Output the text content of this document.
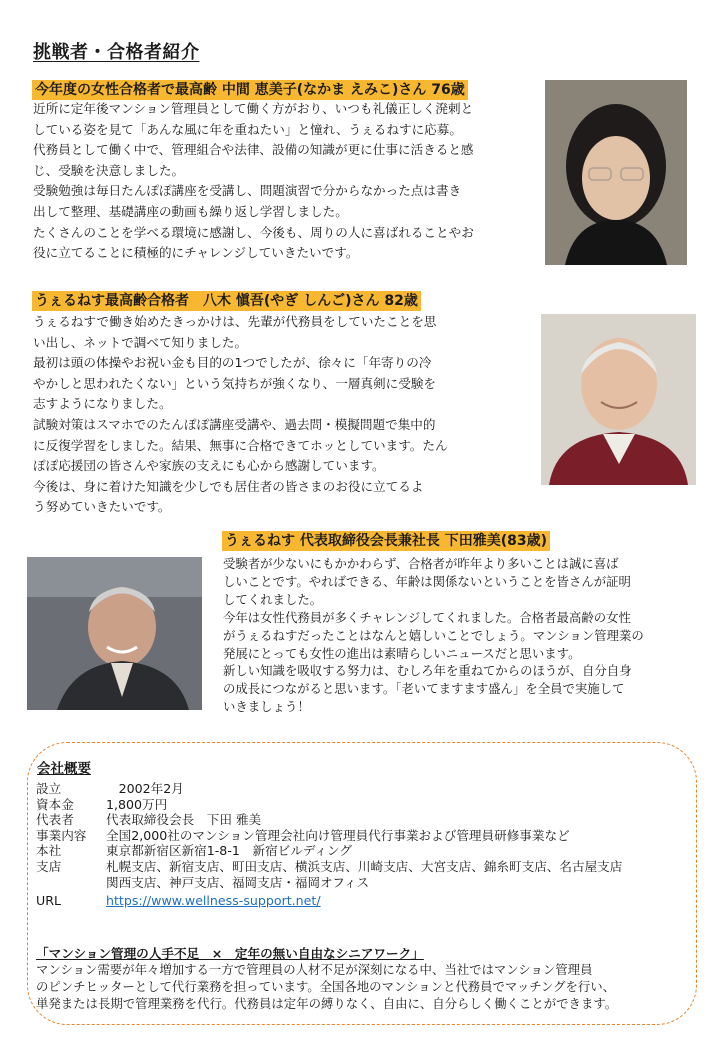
挑戦者・合格者紹介
今年度の女性合格者で最高齢 中間 恵美子(なかま えみこ)さん 76歳

近所に定年後マンション管理員として働く方がおり、いつも礼儀正しく溌剌と

している姿を見て「あんな風に年を重ねたい」と憧れ、うぇるねすに応募。

代務員として働く中で、管理組合や法律、設備の知識が更に仕事に活きると感

じ、受験を決意しました。

受験勉強は毎日たんぽぽ講座を受講し、問題演習で分からなかった点は書き

出して整理、基礎講座の動画も繰り返し学習しました。

たくさんのことを学べる環境に感謝し、今後も、周りの人に喜ばれることやお

役に立てることに積極的にチャレンジしていきたいです。

うぇるねす最高齢合格者　八木 愼吾(やぎ しんご)さん 82歳

うぇるねすで働き始めたきっかけは、先輩が代務員をしていたことを思

い出し、ネットで調べて知りました。

最初は頭の体操やお祝い金も目的の1つでしたが、徐々に「年寄りの冷

やかしと思われたくない」という気持ちが強くなり、一層真剣に受験を

志すようになりました。

試験対策はスマホでのたんぽぽ講座受講や、過去問・模擬問題で集中的

に反復学習をしました。結果、無事に合格できてホッとしています。たん

ぽぽ応援団の皆さんや家族の支えにも心から感謝しています。

今後は、身に着けた知識を少しでも居住者の皆さまのお役に立てるよ

う努めていきたいです。

うぇるねす 代表取締役会長兼社長 下田雅美(83歳)

受験者が少ないにもかかわらず、合格者が昨年より多いことは誠に喜ば

しいことです。やればできる、年齢は関係ないということを皆さんが証明

してくれました。

今年は女性代務員が多くチャレンジしてくれました。合格者最高齢の女性

がうぇるねすだったことはなんと嬉しいことでしょう。マンション管理業の

発展にとっても女性の進出は素晴らしいニュースだと思います。

新しい知識を吸収する努力は、むしろ年を重ねてからのほうが、自分自身

の成長につながると思います。「老いてますます盛ん」を全員で実施して

いきましょう！

会社概要
設立	　2002年2月
資本金	1,800万円
代表者	代表取締役会長　下田 雅美
事業内容	全国2,000社のマンション管理会社向け管理員代行事業および管理員研修事業など
本社	東京都新宿区新宿1-8-1　新宿ビルディング
支店	札幌支店、新宿支店、町田支店、横浜支店、川崎支店、大宮支店、錦糸町支店、名古屋支店
関西支店、神戸支店、福岡支店・福岡オフィス
URL	https://www.wellness-support.net/
「マンション管理の人手不足　×　定年の無い自由なシニアワーク」
マンション需要が年々増加する一方で管理員の人材不足が深刻になる中、当社ではマンション管理員
のピンチヒッターとして代行業務を担っています。全国各地のマンションと代務員でマッチングを行い、
単発または長期で管理業務を代行。代務員は定年の縛りなく、自由に、自分らしく働くことができます。
